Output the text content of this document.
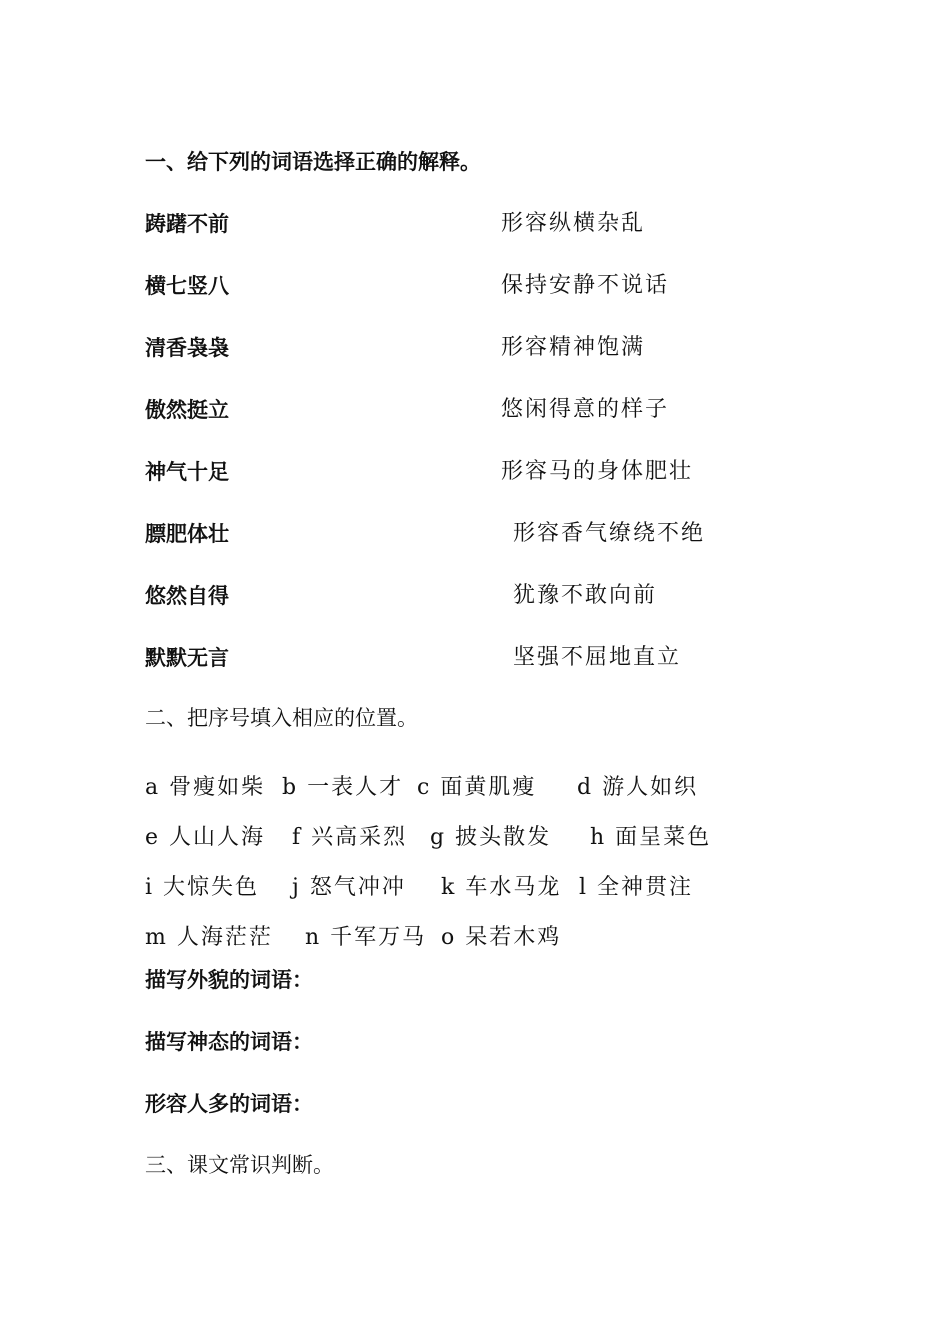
一、给下列的词语选择正确的解释。
踌躇不前
横七竖八
清香袅袅
傲然挺立
神气十足
膘肥体壮
悠然自得
默默无言
形容纵横杂乱
保持安静不说话
形容精神饱满
悠闲得意的样子
形容马的身体肥壮
形容香气缭绕不绝
犹豫不敢向前
坚强不屈地直立
二、把序号填入相应的位置。
a 骨瘦如柴 b 一表人才 c 面黄肌瘦 d 游人如织
e 人山人海 f 兴高采烈 g 披头散发 h 面呈菜色
i 大惊失色 j 怒气冲冲 k 车水马龙 l 全神贯注
m 人海茫茫 n 千军万马 o 呆若木鸡
描写外貌的词语：
描写神态的词语：
形容人多的词语：
三、课文常识判断。
